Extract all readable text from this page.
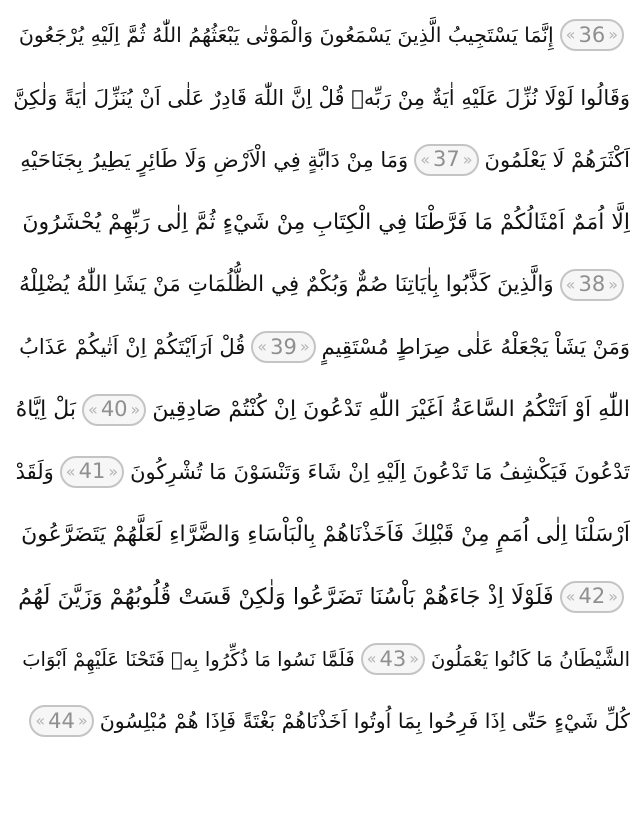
« 36 »
إِنَّمَا يَسْتَجِيبُ الَّذِينَ يَسْمَعُونَ وَالْمَوْتٰى يَبْعَثُهُمُ اللّٰهُ ثُمَّ اِلَيْهِ يُرْجَعُونَ
وَقَالُوا لَوْلَا نُزِّلَ عَلَيْهِ اٰيَةٌ مِنْ رَبِّهٖ قُلْ اِنَّ اللّٰهَ قَادِرٌ عَلٰى اَنْ يُنَزِّلَ اٰيَةً وَلٰكِنَّ
اَكْثَرَهُمْ لَا يَعْلَمُونَ
« 37 »
وَمَا مِنْ دَابَّةٍ فِي الْاَرْضِ وَلَا طَائِرٍ يَطِيرُ بِجَنَاحَيْهِ
اِلَّا اُمَمٌ اَمْثَالُكُمْ مَا فَرَّطْنَا فِي الْكِتَابِ مِنْ شَيْءٍ ثُمَّ اِلٰى رَبِّهِمْ يُحْشَرُونَ
« 38 »
وَالَّذِينَ كَذَّبُوا بِاٰيَاتِنَا صُمٌّ وَبُكْمٌ فِي الظُّلُمَاتِ مَنْ يَشَاِ اللّٰهُ يُضْلِلْهُ
وَمَنْ يَشَاْ يَجْعَلْهُ عَلٰى صِرَاطٍ مُسْتَقِيمٍ
« 39 »
قُلْ اَرَاَيْتَكُمْ اِنْ اَتٰيكُمْ عَذَابُ
اللّٰهِ اَوْ اَتَتْكُمُ السَّاعَةُ اَغَيْرَ اللّٰهِ تَدْعُونَ اِنْ كُنْتُمْ صَادِقِينَ
« 40 »
بَلْ اِيَّاهُ
تَدْعُونَ فَيَكْشِفُ مَا تَدْعُونَ اِلَيْهِ اِنْ شَاءَ وَتَنْسَوْنَ مَا تُشْرِكُونَ
« 41 »
وَلَقَدْ
اَرْسَلْنَا اِلٰى اُمَمٍ مِنْ قَبْلِكَ فَاَخَذْنَاهُمْ بِالْبَاْسَاءِ وَالضَّرَّاءِ لَعَلَّهُمْ يَتَضَرَّعُونَ
« 42 »
فَلَوْلَا اِذْ جَاءَهُمْ بَاْسُنَا تَضَرَّعُوا وَلٰكِنْ قَسَتْ قُلُوبُهُمْ وَزَيَّنَ لَهُمُ
الشَّيْطَانُ مَا كَانُوا يَعْمَلُونَ
« 43 »
فَلَمَّا نَسُوا مَا ذُكِّرُوا بِهٖ فَتَحْنَا عَلَيْهِمْ اَبْوَابَ
كُلِّ شَيْءٍ حَتّٰى اِذَا فَرِحُوا بِمَا اُوتُوا اَخَذْنَاهُمْ بَغْتَةً فَاِذَا هُمْ مُبْلِسُونَ
« 44 »
